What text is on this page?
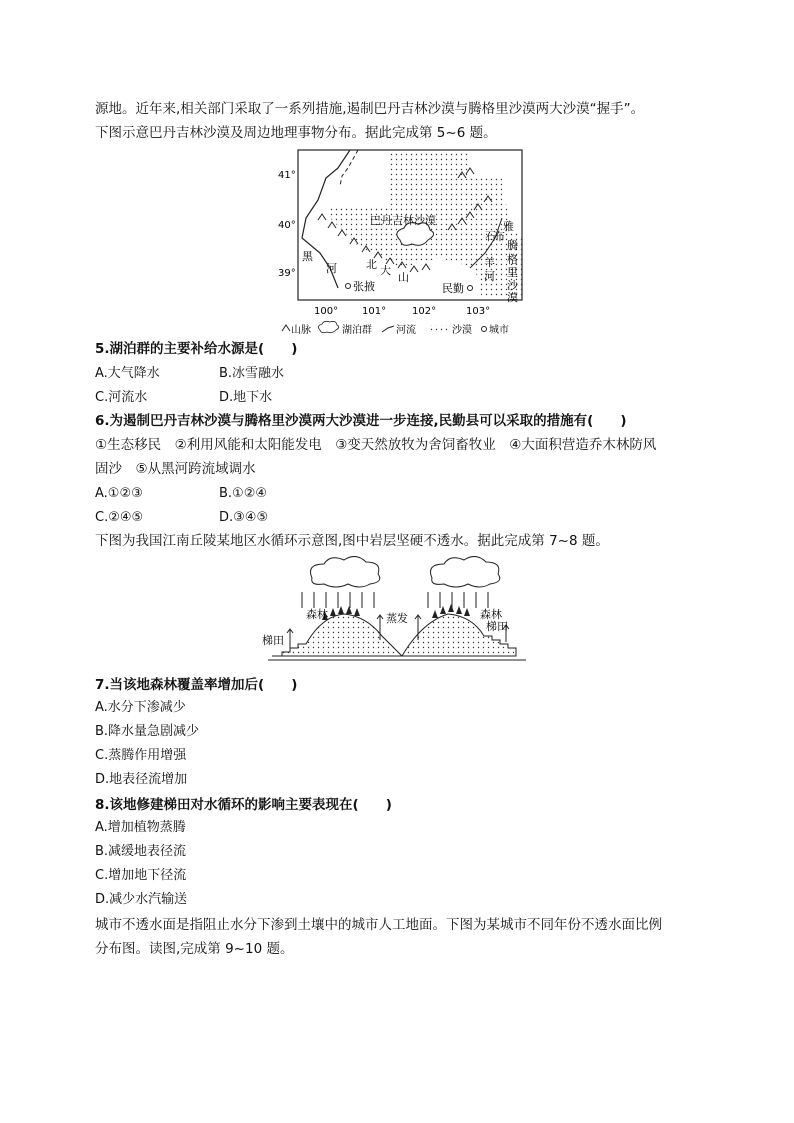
源地。近年来,相关部门采取了一系列措施,遏制巴丹吉林沙漠与腾格里沙漠两大沙漠“握手”。
下图示意巴丹吉林沙漠及周边地理事物分布。据此完成第 5~6 题。
41°
40°
39°
100° 101°	102°	103°
巴丹吉林沙漠	雅
布
腾
格
里
沙
漠
黑
河	北 大
山
石
羊
河
张掖	民勤
山脉	湖泊群 河流	沙漠 城市
5.湖泊群的主要补给水源是(　　)
A.大气降水	B.冰雪融水
C.河流水	D.地下水
6.为遏制巴丹吉林沙漠与腾格里沙漠两大沙漠进一步连接,民勤县可以采取的措施有(　　)
①生态移民　②利用风能和太阳能发电　③变天然放牧为舍饲畜牧业　④大面积营造乔木林防风
固沙　⑤从黑河跨流域调水
A.①②③	B.①②④
C.②④⑤	D.③④⑤
下图为我国江南丘陵某地区水循环示意图,图中岩层坚硬不透水。据此完成第 7~8 题。
森林	森林
蒸发
梯田
梯田
7.当该地森林覆盖率增加后(　　)
A.水分下渗减少
B.降水量急剧减少
C.蒸腾作用增强
D.地表径流增加
8.该地修建梯田对水循环的影响主要表现在(　　)
A.增加植物蒸腾
B.减缓地表径流
C.增加地下径流
D.减少水汽输送
城市不透水面是指阻止水分下渗到土壤中的城市人工地面。下图为某城市不同年份不透水面比例
分布图。读图,完成第 9~10 题。
